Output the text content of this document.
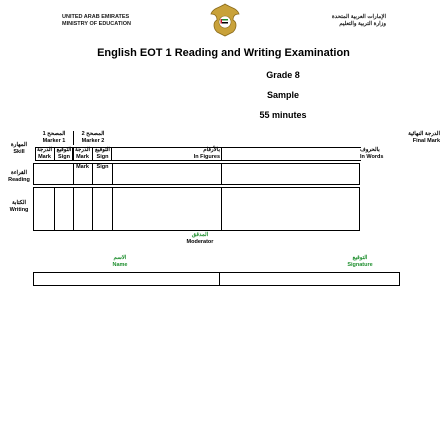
UNITED ARAB EMIRATES
MINISTRY OF EDUCATION
الإمارات العربية المتحدة
وزارة التربية والتعليم
English EOT 1 Reading and Writing Examination
Grade 8
Sample
55 minutes
المهارة
Skill
القراءة
Reading
الكتابة
Writing
المصحح 1
Marker 1
المصحح 2
Marker 2
الدرجة
Mark
التوقيع
Sign
الدرجة
Mark
التوقيع
Sign
الدرجة النهائية
Final Mark
بالأرقام
In Figures
بالحروف
In Words
Mark	Sign
المدقق
Moderator
الاسم
Name
التوقيع
Signature
